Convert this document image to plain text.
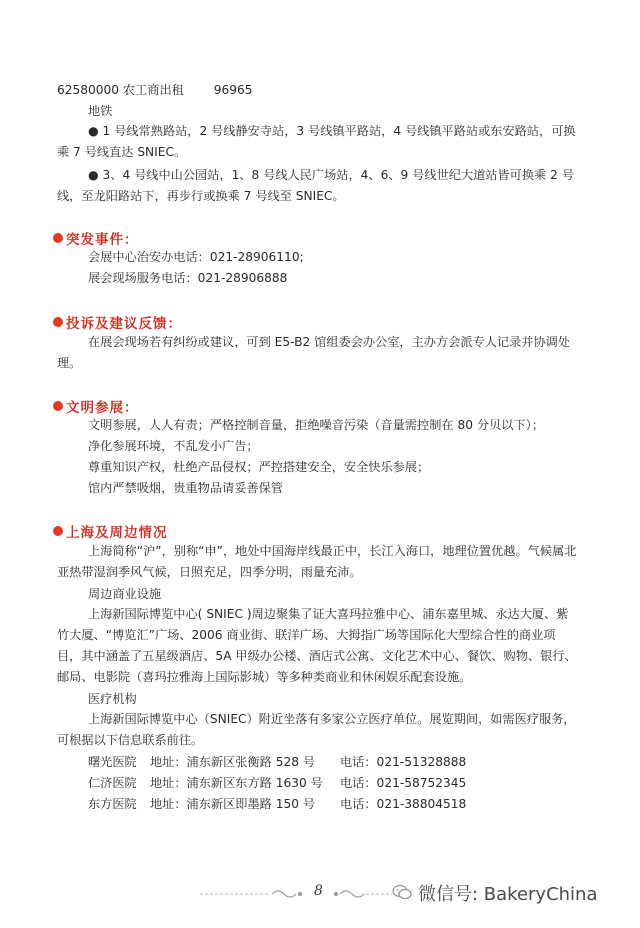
62580000 农工商出租 96965
地铁
● 1 号线常熟路站，2 号线静安寺站，3 号线镇平路站，4 号线镇平路站或东安路站，可换乘 7 号线直达 SNIEC。
● 3、4 号线中山公园站，1、8 号线人民广场站，4、6、9 号线世纪大道站皆可换乘 2 号线，至龙阳路站下，再步行或换乘 7 号线至 SNIEC。
突发事件：
会展中心治安办电话：021-28906110;
展会现场服务电话：021-28906888
投诉及建议反馈：
在展会现场若有纠纷或建议，可到 E5-B2 馆组委会办公室，主办方会派专人记录并协调处理。
文明参展：
文明参展，人人有责；严格控制音量，拒绝噪音污染（音量需控制在 80 分贝以下）；
净化参展环境，不乱发小广告；
尊重知识产权，杜绝产品侵权；严控搭建安全，安全快乐参展；
馆内严禁吸烟，贵重物品请妥善保管
上海及周边情况
上海简称“沪”，别称“申”，地处中国海岸线最正中，长江入海口，地理位置优越。气候属北亚热带湿润季风气候，日照充足，四季分明，雨量充沛。
周边商业设施
上海新国际博览中心( SNIEC )周边聚集了证大喜玛拉雅中心、浦东嘉里城、永达大厦、紫竹大厦、“博览汇”广场、2006 商业街、联洋广场、大拇指广场等国际化大型综合性的商业项目，其中涵盖了五星级酒店、5A 甲级办公楼、酒店式公寓、文化艺术中心、餐饮、购物、银行、邮局、电影院（喜玛拉雅海上国际影城）等多种类商业和休闲娱乐配套设施。
医疗机构
上海新国际博览中心（SNIEC）附近坐落有多家公立医疗单位。展览期间，如需医疗服务，可根据以下信息联系前往。
曙光医院 地址：浦东新区张衡路 528 号 电话：021-51328888
仁济医院 地址：浦东新区东方路 1630 号 电话：021-58752345
东方医院 地址：浦东新区即墨路 150 号 电话：021-38804518
8	微信号: BakeryChina
